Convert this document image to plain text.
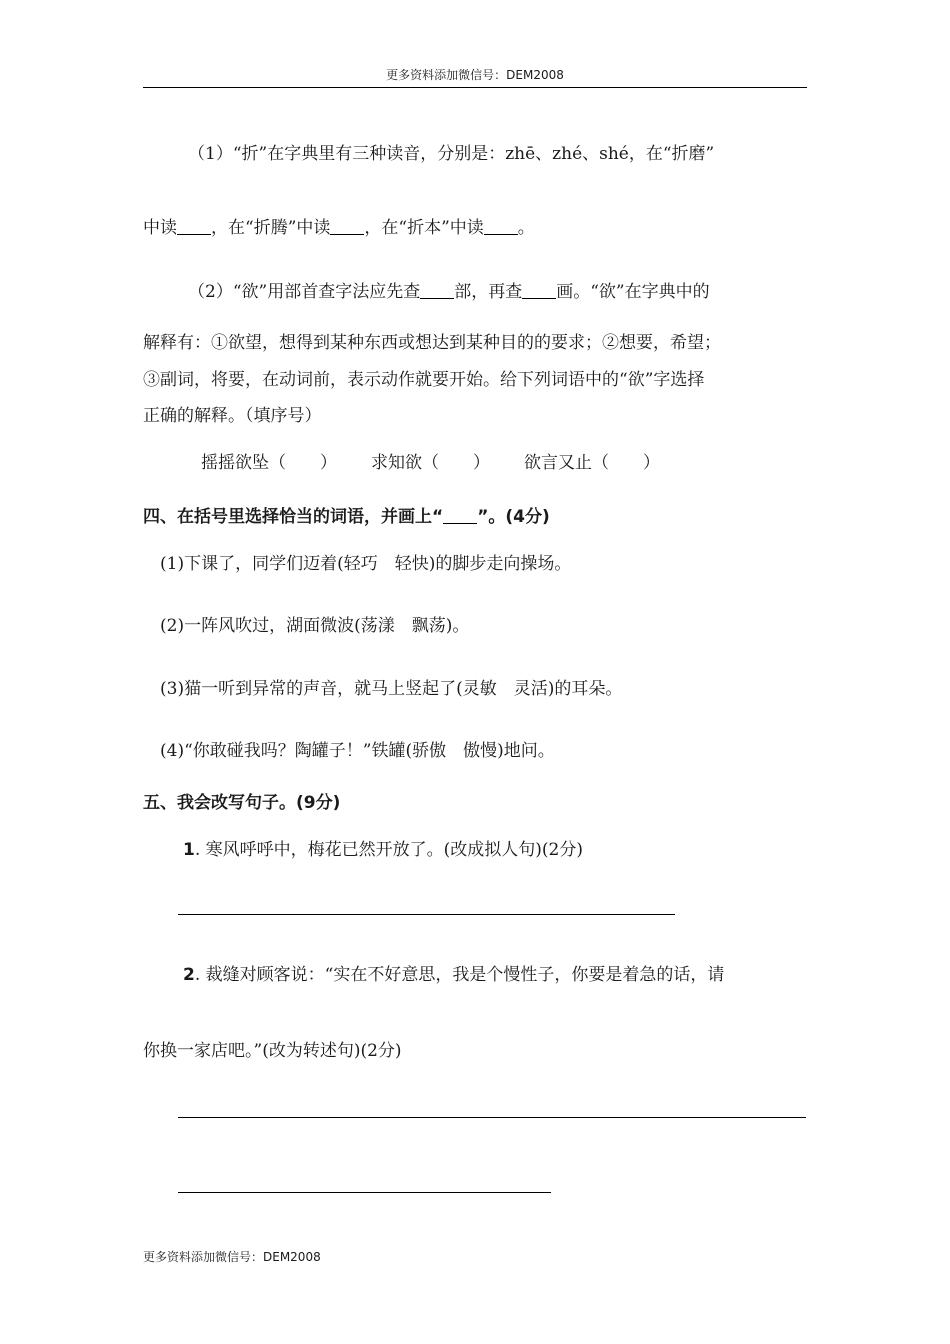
更多资料添加微信号：DEM2008
（1）“折”在字典里有三种读音，分别是：zhē、zhé、shé，在“折磨”
中读 ，在“折腾”中读 ，在“折本”中读 。
（2）“欲”用部首查字法应先查 部，再查 画。“欲”在字典中的
解释有：①欲望，想得到某种东西或想达到某种目的的要求；②想要，希望；
③副词，将要，在动词前，表示动作就要开始。给下列词语中的“欲”字选择
正确的解释。（填序号）
摇摇欲坠（　　） 求知欲（　　） 欲言又止（　　）
四、在括号里选择恰当的词语，并画上“ ”。(4分)
(1)下课了，同学们迈着(轻巧　轻快)的脚步走向操场。
(2)一阵风吹过，湖面微波(荡漾　飘荡)。
(3)猫一听到异常的声音，就马上竖起了(灵敏　灵活)的耳朵。
(4)“你敢碰我吗？陶罐子！”铁罐(骄傲　傲慢)地问。
五、我会改写句子。(9分)
1. 寒风呼呼中，梅花已然开放了。(改成拟人句)(2分)
2. 裁缝对顾客说：“实在不好意思，我是个慢性子，你要是着急的话，请
你换一家店吧。”(改为转述句)(2分)
更多资料添加微信号：DEM2008
